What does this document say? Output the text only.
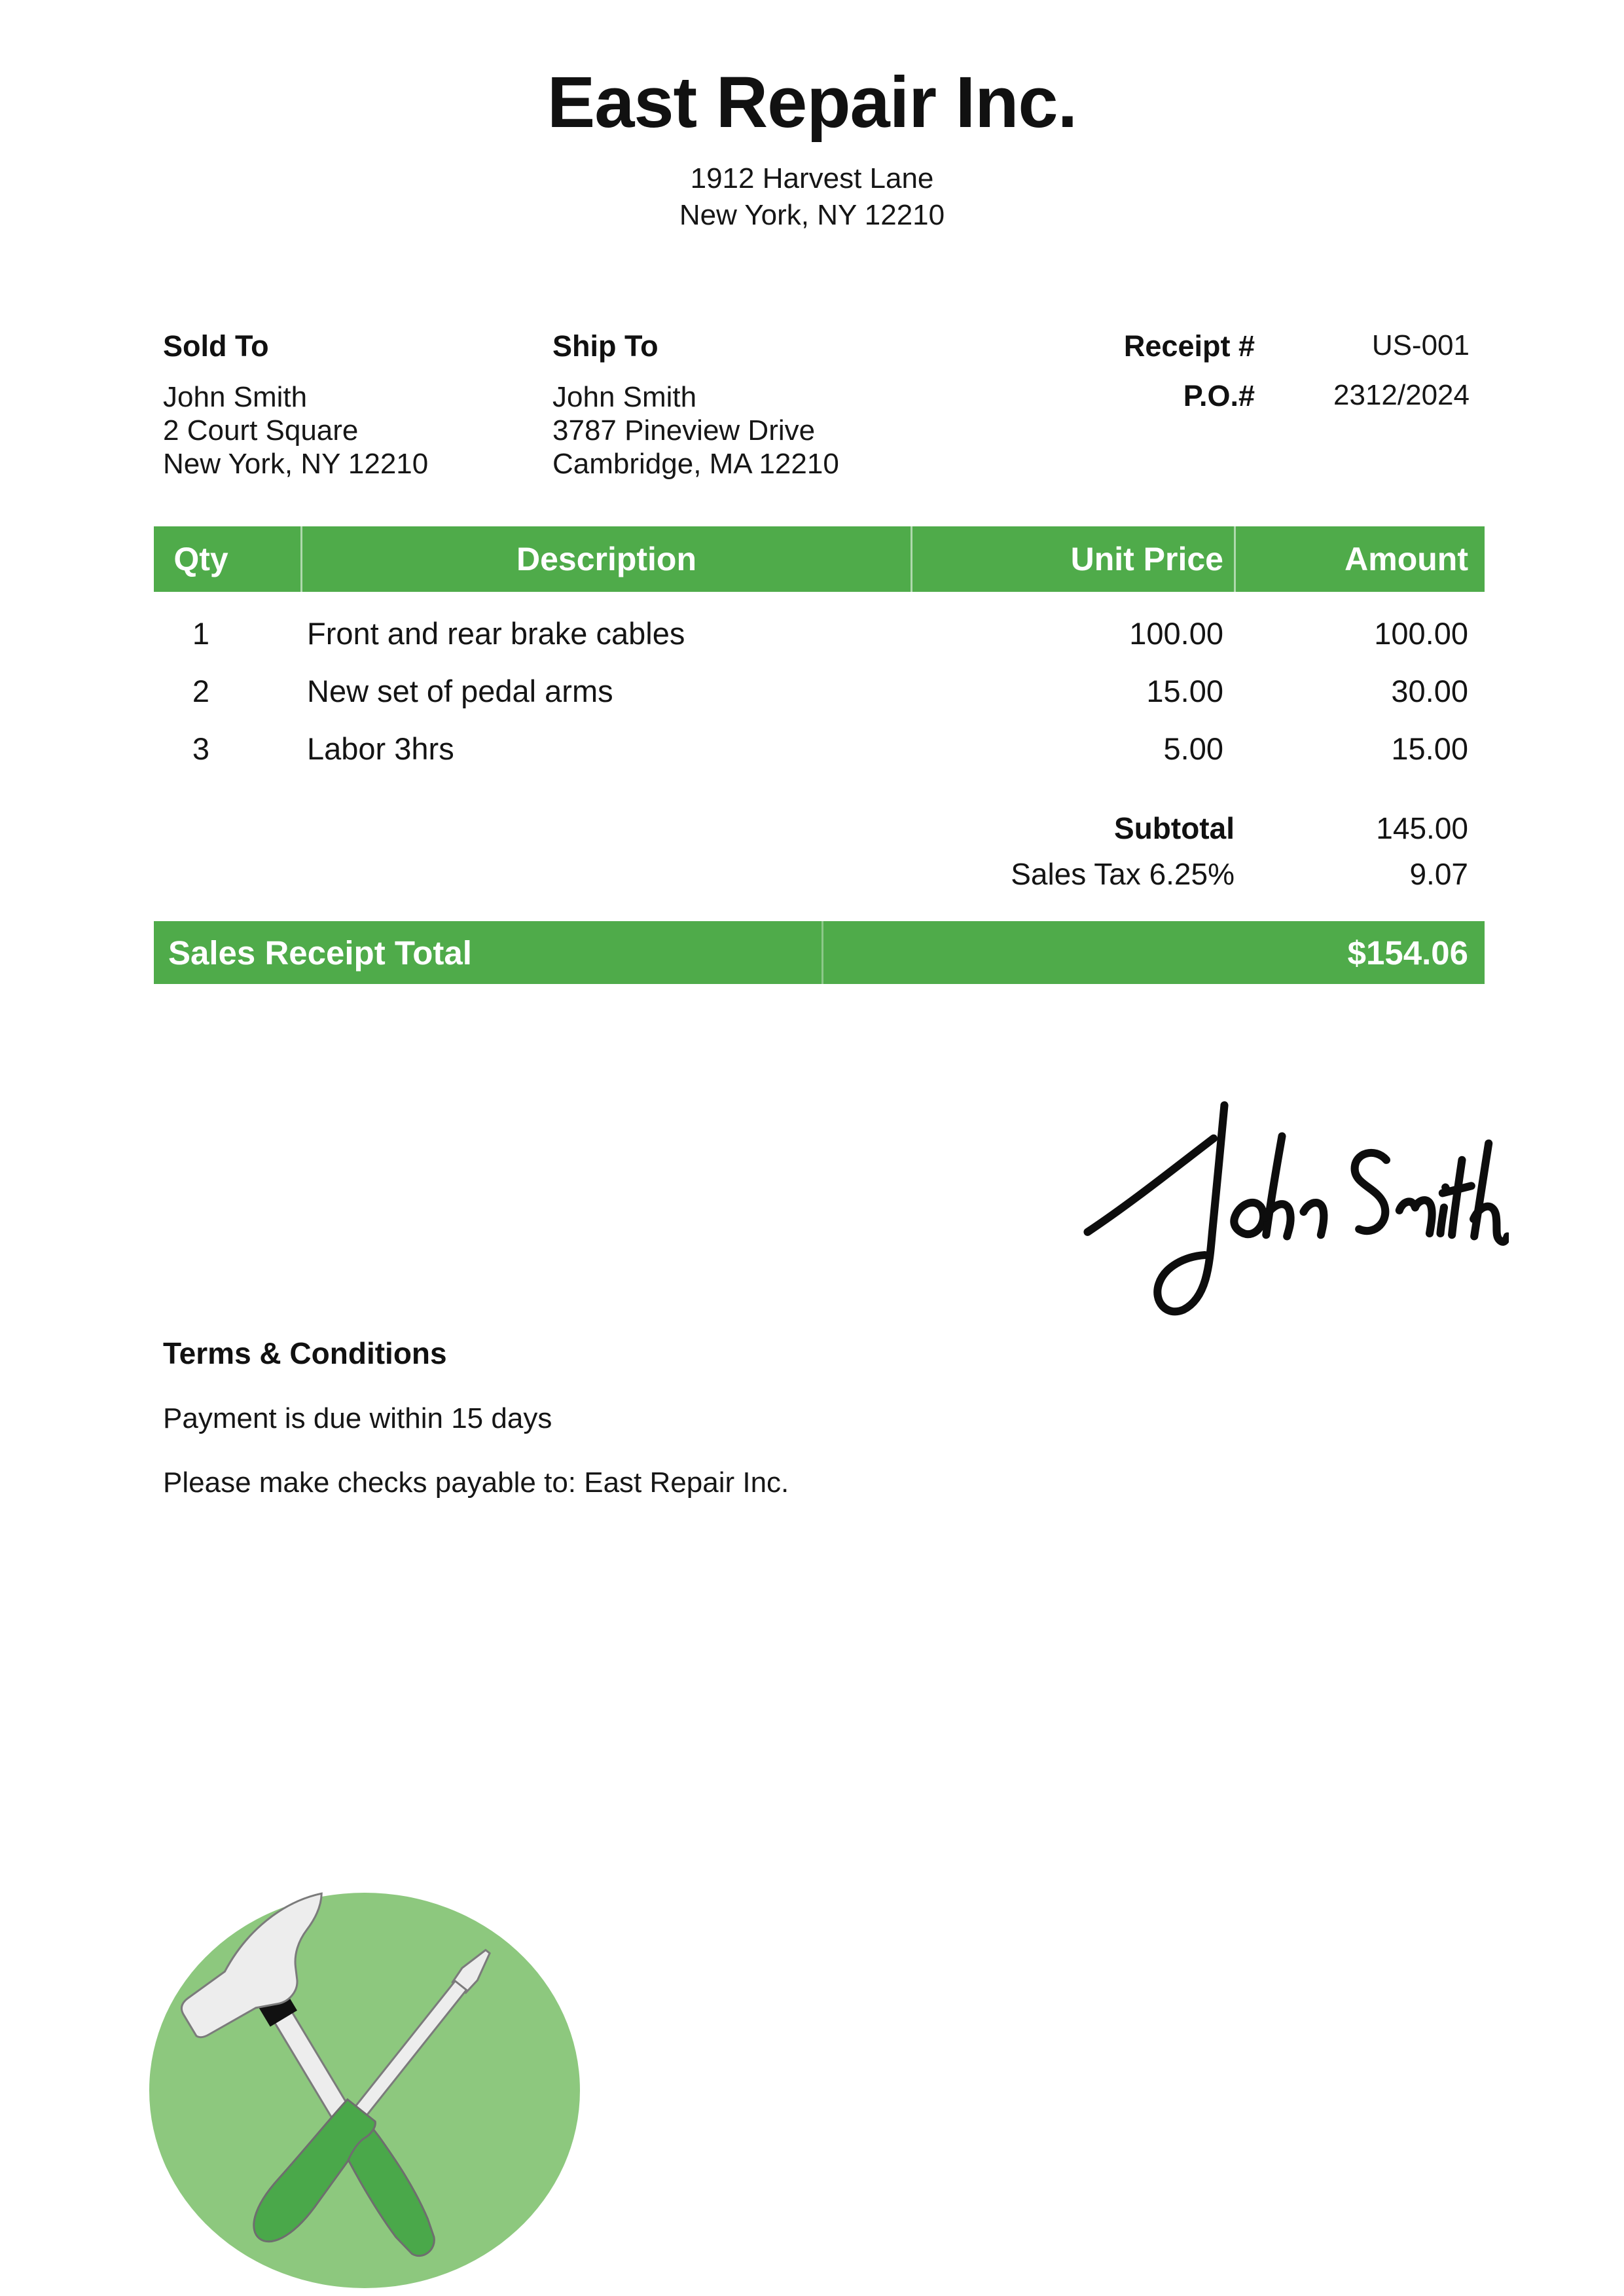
East Repair Inc.
1912 Harvest Lane
New York, NY 12210
Sold To
John Smith
2 Court Square
New York, NY 12210
Ship To
John Smith
3787 Pineview Drive
Cambridge, MA 12210
Receipt #	US-001
P.O.#	2312/2024
Qty	Description	Unit Price	Amount
1	Front and rear brake cables	100.00	100.00
2	New set of pedal arms	15.00	30.00
3	Labor 3hrs	5.00	15.00
Subtotal	145.00
Sales Tax 6.25%	9.07
Sales Receipt Total	$154.06
Terms & Conditions
Payment is due within 15 days
Please make checks payable to: East Repair Inc.
